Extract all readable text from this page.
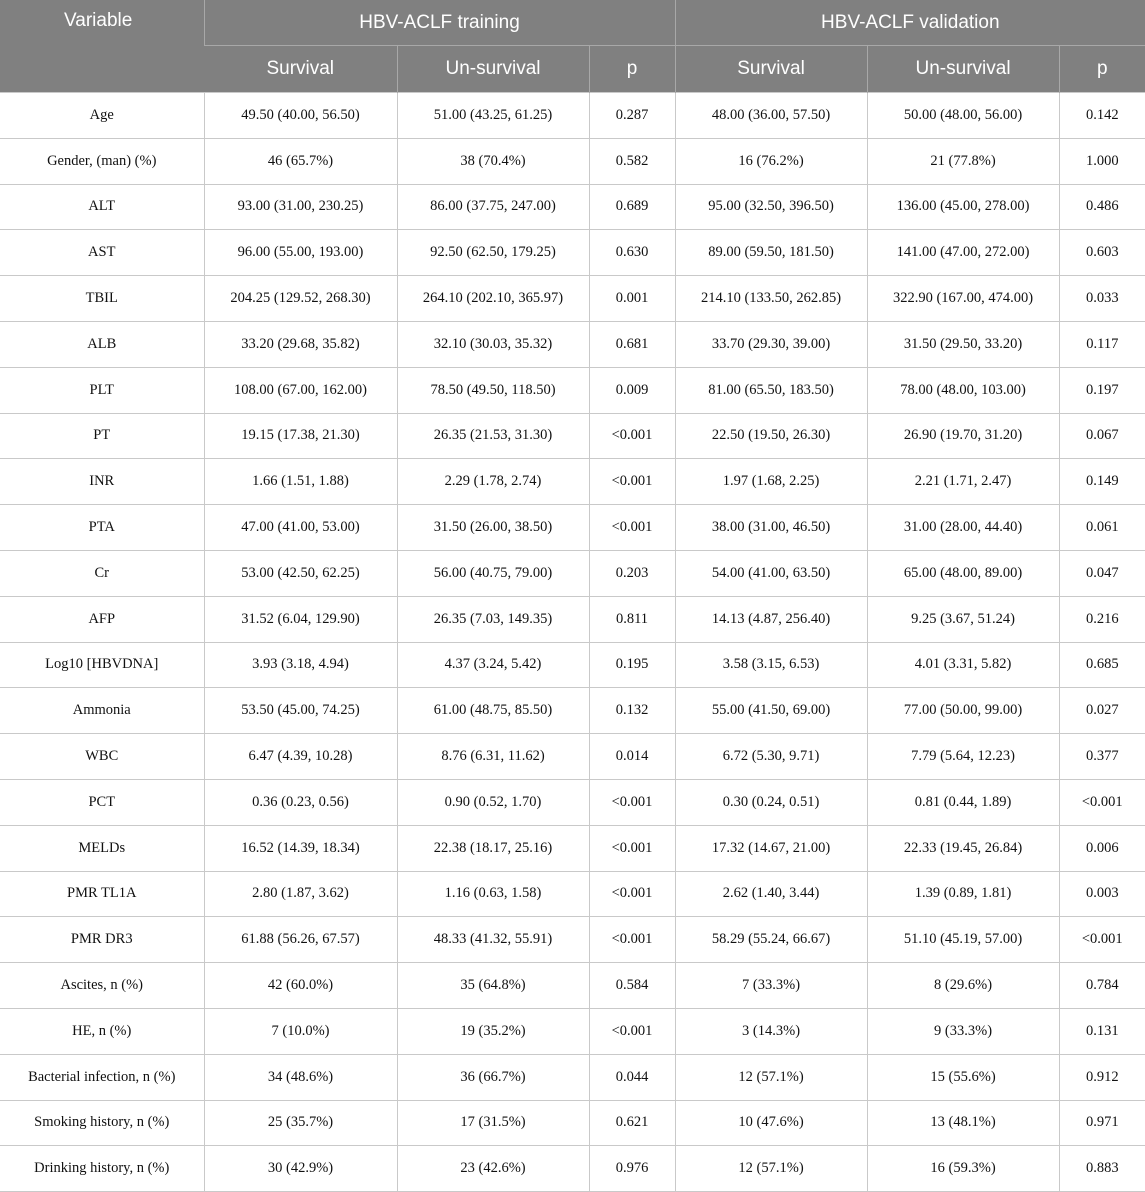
Variable	HBV-ACLF training			HBV-ACLF validation		
	Survival	Un-survival	p	Survival	Un-survival	p
Age	49.50 (40.00, 56.50)	51.00 (43.25, 61.25)	0.287	48.00 (36.00, 57.50)	50.00 (48.00, 56.00)	0.142
Gender, (man) (%)	46 (65.7%)	38 (70.4%)	0.582	16 (76.2%)	21 (77.8%)	1.000
ALT	93.00 (31.00, 230.25)	86.00 (37.75, 247.00)	0.689	95.00 (32.50, 396.50)	136.00 (45.00, 278.00)	0.486
AST	96.00 (55.00, 193.00)	92.50 (62.50, 179.25)	0.630	89.00 (59.50, 181.50)	141.00 (47.00, 272.00)	0.603
TBIL	204.25 (129.52, 268.30)	264.10 (202.10, 365.97)	0.001	214.10 (133.50, 262.85)	322.90 (167.00, 474.00)	0.033
ALB	33.20 (29.68, 35.82)	32.10 (30.03, 35.32)	0.681	33.70 (29.30, 39.00)	31.50 (29.50, 33.20)	0.117
PLT	108.00 (67.00, 162.00)	78.50 (49.50, 118.50)	0.009	81.00 (65.50, 183.50)	78.00 (48.00, 103.00)	0.197
PT	19.15 (17.38, 21.30)	26.35 (21.53, 31.30)	<0.001	22.50 (19.50, 26.30)	26.90 (19.70, 31.20)	0.067
INR	1.66 (1.51, 1.88)	2.29 (1.78, 2.74)	<0.001	1.97 (1.68, 2.25)	2.21 (1.71, 2.47)	0.149
PTA	47.00 (41.00, 53.00)	31.50 (26.00, 38.50)	<0.001	38.00 (31.00, 46.50)	31.00 (28.00, 44.40)	0.061
Cr	53.00 (42.50, 62.25)	56.00 (40.75, 79.00)	0.203	54.00 (41.00, 63.50)	65.00 (48.00, 89.00)	0.047
AFP	31.52 (6.04, 129.90)	26.35 (7.03, 149.35)	0.811	14.13 (4.87, 256.40)	9.25 (3.67, 51.24)	0.216
Log10 [HBVDNA]	3.93 (3.18, 4.94)	4.37 (3.24, 5.42)	0.195	3.58 (3.15, 6.53)	4.01 (3.31, 5.82)	0.685
Ammonia	53.50 (45.00, 74.25)	61.00 (48.75, 85.50)	0.132	55.00 (41.50, 69.00)	77.00 (50.00, 99.00)	0.027
WBC	6.47 (4.39, 10.28)	8.76 (6.31, 11.62)	0.014	6.72 (5.30, 9.71)	7.79 (5.64, 12.23)	0.377
PCT	0.36 (0.23, 0.56)	0.90 (0.52, 1.70)	<0.001	0.30 (0.24, 0.51)	0.81 (0.44, 1.89)	<0.001
MELDs	16.52 (14.39, 18.34)	22.38 (18.17, 25.16)	<0.001	17.32 (14.67, 21.00)	22.33 (19.45, 26.84)	0.006
PMR TL1A	2.80 (1.87, 3.62)	1.16 (0.63, 1.58)	<0.001	2.62 (1.40, 3.44)	1.39 (0.89, 1.81)	0.003
PMR DR3	61.88 (56.26, 67.57)	48.33 (41.32, 55.91)	<0.001	58.29 (55.24, 66.67)	51.10 (45.19, 57.00)	<0.001
Ascites, n (%)	42 (60.0%)	35 (64.8%)	0.584	7 (33.3%)	8 (29.6%)	0.784
HE, n (%)	7 (10.0%)	19 (35.2%)	<0.001	3 (14.3%)	9 (33.3%)	0.131
Bacterial infection, n (%)	34 (48.6%)	36 (66.7%)	0.044	12 (57.1%)	15 (55.6%)	0.912
Smoking history, n (%)	25 (35.7%)	17 (31.5%)	0.621	10 (47.6%)	13 (48.1%)	0.971
Drinking history, n (%)	30 (42.9%)	23 (42.6%)	0.976	12 (57.1%)	16 (59.3%)	0.883
